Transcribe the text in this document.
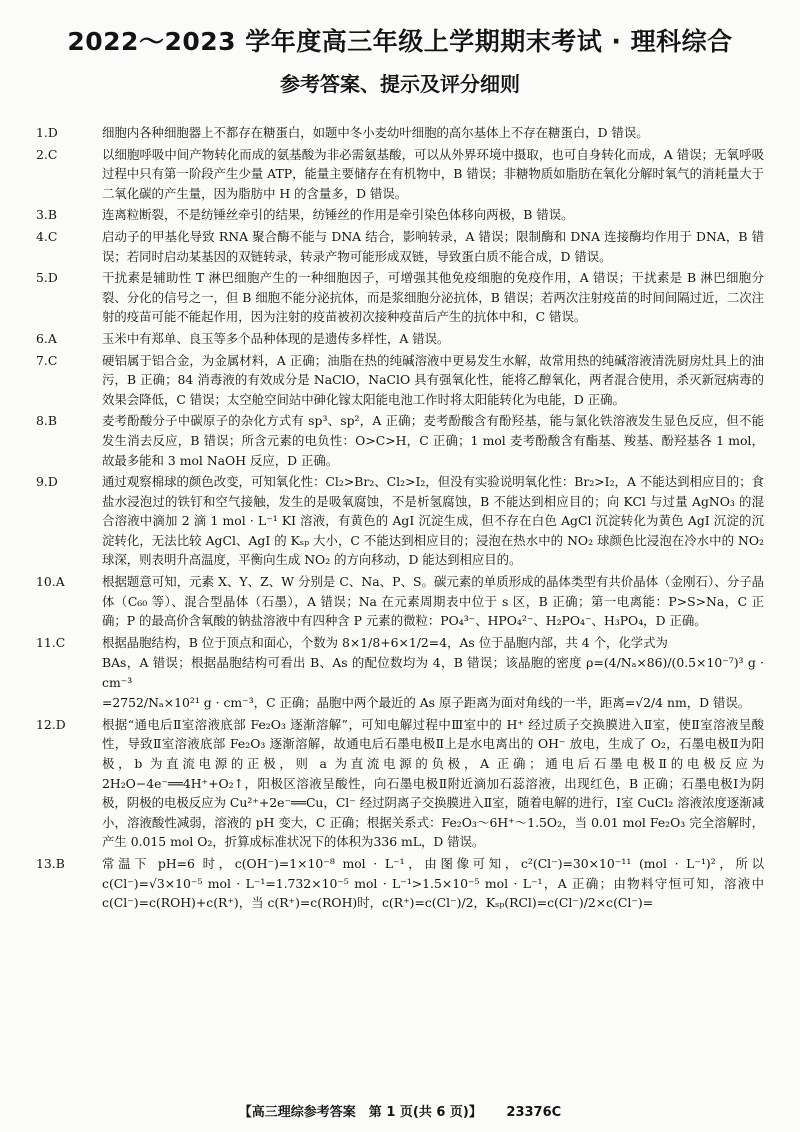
2022～2023 学年度高三年级上学期期末考试 · 理科综合
参考答案、提示及评分细则
1.D	细胞内各种细胞器上不都存在糖蛋白，如题中冬小麦幼叶细胞的高尔基体上不存在糖蛋白，D 错误。

2.C	以细胞呼吸中间产物转化而成的氨基酸为非必需氨基酸，可以从外界环境中摄取，也可自身转化而成，A 错误；无氧呼吸过程中只有第一阶段产生少量 ATP，能量主要储存在有机物中，B 错误；非糖物质如脂肪在氧化分解时氧气的消耗量大于二氧化碳的产生量，因为脂肪中 H 的含量多，D 错误。

3.B	连离粒断裂，不是纺锤丝牵引的结果，纺锤丝的作用是牵引染色体移向两极，B 错误。

4.C	启动子的甲基化导致 RNA 聚合酶不能与 DNA 结合，影响转录，A 错误；限制酶和 DNA 连接酶均作用于 DNA，B 错误；若同时启动某基因的双链转录，转录产物可能形成双链，导致蛋白质不能合成，D 错误。

5.D	干扰素是辅助性 T 淋巴细胞产生的一种细胞因子，可增强其他免疫细胞的免疫作用，A 错误；干扰素是 B 淋巴细胞分裂、分化的信号之一，但 B 细胞不能分泌抗体，而是浆细胞分泌抗体，B 错误；若两次注射疫苗的时间间隔过近，二次注射的疫苗可能不能起作用，因为注射的疫苗被初次接种疫苗后产生的抗体中和，C 错误。

6.A	玉米中有郑单、良玉等多个品种体现的是遗传多样性，A 错误。

7.C	硬铝属于铝合金，为金属材料，A 正确；油脂在热的纯碱溶液中更易发生水解，故常用热的纯碱溶液清洗厨房灶具上的油污，B 正确；84 消毒液的有效成分是 NaClO，NaClO 具有强氧化性，能将乙醇氧化，两者混合使用，杀灭新冠病毒的效果会降低，C 错误；太空舱空间站中砷化镓太阳能电池工作时将太阳能转化为电能，D 正确。

8.B	麦考酚酸分子中碳原子的杂化方式有 sp³、sp²，A 正确；麦考酚酸含有酚羟基，能与氯化铁溶液发生显色反应，但不能发生消去反应，B 错误；所含元素的电负性：O>C>H，C 正确；1 mol 麦考酚酸含有酯基、羧基、酚羟基各 1 mol，故最多能和 3 mol NaOH 反应，D 正确。

9.D	通过观察棉球的颜色改变，可知氧化性：Cl₂>Br₂、Cl₂>I₂，但没有实验说明氧化性：Br₂>I₂，A 不能达到相应目的；食盐水浸泡过的铁钉和空气接触，发生的是吸氧腐蚀，不是析氢腐蚀，B 不能达到相应目的；向 KCl 与过量 AgNO₃ 的混合溶液中滴加 2 滴 1 mol · L⁻¹ KI 溶液，有黄色的 AgI 沉淀生成，但不存在白色 AgCl 沉淀转化为黄色 AgI 沉淀的沉淀转化，无法比较 AgCl、AgI 的 Kₛₚ 大小，C 不能达到相应目的；浸泡在热水中的 NO₂ 球颜色比浸泡在冷水中的 NO₂ 球深，则表明升高温度，平衡向生成 NO₂ 的方向移动，D 能达到相应目的。

10.A	根据题意可知，元素 X、Y、Z、W 分别是 C、Na、P、S。碳元素的单质形成的晶体类型有共价晶体（金刚石）、分子晶体（C₆₀ 等）、混合型晶体（石墨），A 错误；Na 在元素周期表中位于 s 区，B 正确；第一电离能：P>S>Na，C 正确；P 的最高价含氧酸的钠盐溶液中有四种含 P 元素的微粒：PO₄³⁻、HPO₄²⁻、H₂PO₄⁻、H₃PO₄，D 正确。

11.C	根据晶胞结构，B 位于顶点和面心，个数为 8×1/8+6×1/2=4，As 位于晶胞内部，共 4 个，化学式为

BAs，A 错误；根据晶胞结构可看出 B、As 的配位数均为 4，B 错误；该晶胞的密度 ρ=(4/Nₐ×86)/(0.5×10⁻⁷)³ g · cm⁻³

=2752/Nₐ×10²¹ g · cm⁻³，C 正确；晶胞中两个最近的 As 原子距离为面对角线的一半，距离=√2/4 nm，D 错误。

12.D	根据“通电后Ⅱ室溶液底部 Fe₂O₃ 逐渐溶解”，可知电解过程中Ⅲ室中的 H⁺ 经过质子交换膜进入Ⅱ室，使Ⅱ室溶液呈酸性，导致Ⅱ室溶液底部 Fe₂O₃ 逐渐溶解，故通电后石墨电极Ⅱ上是水电离出的 OH⁻ 放电，生成了 O₂，石墨电极Ⅱ为阳极，b 为直流电源的正极，则 a 为直流电源的负极，A 正确；通电后石墨电极Ⅱ的电极反应为 2H₂O−4e⁻══4H⁺+O₂↑，阳极区溶液呈酸性，向石墨电极Ⅱ附近滴加石蕊溶液，出现红色，B 正确；石墨电极Ⅰ为阴极，阴极的电极反应为 Cu²⁺+2e⁻══Cu，Cl⁻ 经过阴离子交换膜进入Ⅱ室，随着电解的进行，Ⅰ室 CuCl₂ 溶液浓度逐渐减小，溶液酸性减弱，溶液的 pH 变大，C 正确；根据关系式：Fe₂O₃～6H⁺～1.5O₂，当 0.01 mol Fe₂O₃ 完全溶解时，产生 0.015 mol O₂，折算成标准状况下的体积为336 mL，D 错误。

13.B	常温下 pH=6 时，c(OH⁻)=1×10⁻⁸ mol · L⁻¹，由图像可知，c²(Cl⁻)=30×10⁻¹¹ (mol · L⁻¹)²，所以 c(Cl⁻)=√3×10⁻⁵ mol · L⁻¹=1.732×10⁻⁵ mol · L⁻¹>1.5×10⁻⁵ mol · L⁻¹，A 正确；由物料守恒可知，溶液中 c(Cl⁻)=c(ROH)+c(R⁺)，当 c(R⁺)=c(ROH)时，c(R⁺)=c(Cl⁻)/2，Kₛₚ(RCl)=c(Cl⁻)/2×c(Cl⁻)=

【高三理综参考答案　第 1 页(共 6 页)】 23376C
